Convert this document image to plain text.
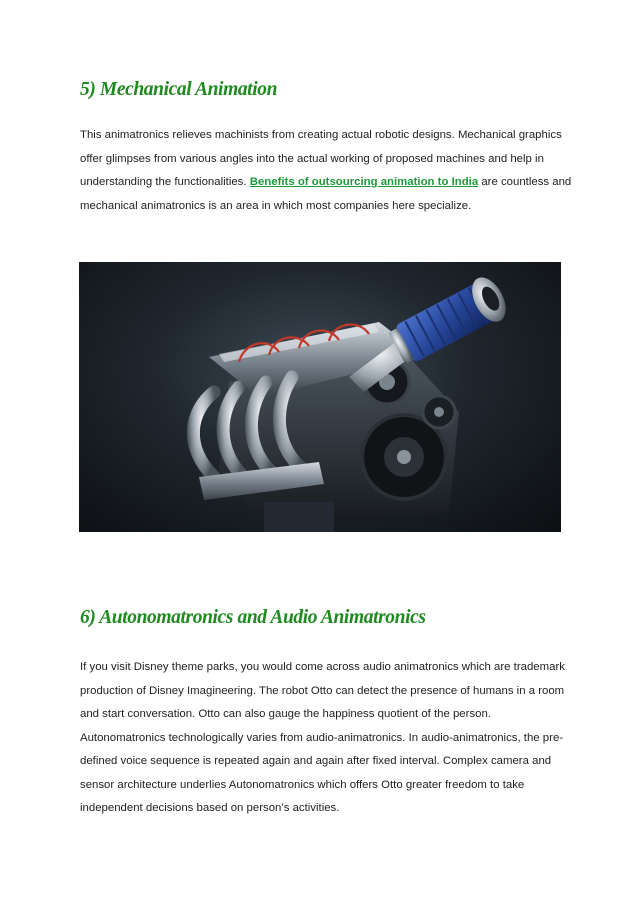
5) Mechanical Animation

This animatronics relieves machinists from creating actual robotic designs. Mechanical graphics offer glimpses from various angles into the actual working of proposed machines and help in understanding the functionalities. Benefits of outsourcing animation to India are countless and mechanical animatronics is an area in which most companies here specialize.

6) Autonomatronics and Audio Animatronics

If you visit Disney theme parks, you would come across audio animatronics which are trademark production of Disney Imagineering. The robot Otto can detect the presence of humans in a room and start conversation. Otto can also gauge the happiness quotient of the person. Autonomatronics technologically varies from audio-animatronics. In audio-animatronics, the pre-defined voice sequence is repeated again and again after fixed interval. Complex camera and sensor architecture underlies Autonomatronics which offers Otto greater freedom to take independent decisions based on person’s activities.
